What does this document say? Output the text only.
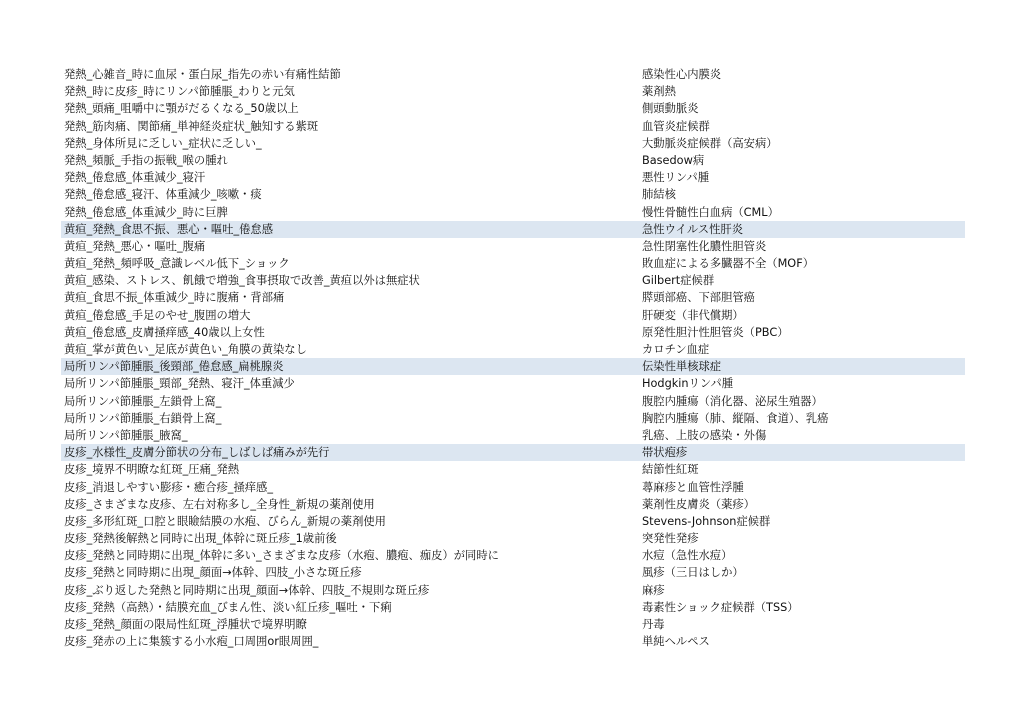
発熱_心雑音_時に血尿・蛋白尿_指先の赤い有痛性結節	感染性心内膜炎
発熱_時に皮疹_時にリンパ節腫脹_わりと元気	薬剤熱
発熱_頭痛_咀嚼中に顎がだるくなる_50歳以上	側頭動脈炎
発熱_筋肉痛、関節痛_単神経炎症状_触知する紫斑	血管炎症候群
発熱_身体所見に乏しい_症状に乏しい_	大動脈炎症候群（高安病）
発熱_頻脈_手指の振戦_喉の腫れ	Basedow病
発熱_倦怠感_体重減少_寝汗	悪性リンパ腫
発熱_倦怠感_寝汗、体重減少_咳嗽・痰	肺結核
発熱_倦怠感_体重減少_時に巨脾	慢性骨髄性白血病（CML）
黄疸_発熱_食思不振、悪心・嘔吐_倦怠感	急性ウイルス性肝炎
黄疸_発熱_悪心・嘔吐_腹痛	急性閉塞性化膿性胆管炎
黄疸_発熱_頻呼吸_意識レベル低下_ショック	敗血症による多臓器不全（MOF）
黄疸_感染、ストレス、飢餓で増強_食事摂取で改善_黄疸以外は無症状	Gilbert症候群
黄疸_食思不振_体重減少_時に腹痛・背部痛	膵頭部癌、下部胆管癌
黄疸_倦怠感_手足のやせ_腹囲の増大	肝硬変（非代償期）
黄疸_倦怠感_皮膚掻痒感_40歳以上女性	原発性胆汁性胆管炎（PBC）
黄疸_掌が黄色い_足底が黄色い_角膜の黄染なし	カロチン血症
局所リンパ節腫脹_後頸部_倦怠感_扁桃腺炎	伝染性単核球症
局所リンパ節腫脹_頸部_発熱、寝汗_体重減少	Hodgkinリンパ腫
局所リンパ節腫脹_左鎖骨上窩_	腹腔内腫瘍（消化器、泌尿生殖器）
局所リンパ節腫脹_右鎖骨上窩_	胸腔内腫瘍（肺、縦隔、食道）、乳癌
局所リンパ節腫脹_腋窩_	乳癌、上肢の感染・外傷
皮疹_水様性_皮膚分節状の分布_しばしば痛みが先行	帯状疱疹
皮疹_境界不明瞭な紅斑_圧痛_発熱	結節性紅斑
皮疹_消退しやすい膨疹・癒合疹_掻痒感_	蕁麻疹と血管性浮腫
皮疹_さまざまな皮疹、左右対称多し_全身性_新規の薬剤使用	薬剤性皮膚炎（薬疹）
皮疹_多形紅斑_口腔と眼瞼結膜の水疱、びらん_新規の薬剤使用	Stevens-Johnson症候群
皮疹_発熱後解熱と同時に出現_体幹に斑丘疹_1歳前後	突発性発疹
皮疹_発熱と同時期に出現_体幹に多い_さまざまな皮疹（水疱、膿疱、痂皮）が同時に	水痘（急性水痘）
皮疹_発熱と同時期に出現_顔面→体幹、四肢_小さな斑丘疹	風疹（三日はしか）
皮疹_ぶり返した発熱と同時期に出現_顔面→体幹、四肢_不規則な斑丘疹	麻疹
皮疹_発熱（高熱）・結膜充血_びまん性、淡い紅丘疹_嘔吐・下痢	毒素性ショック症候群（TSS）
皮疹_発熱_顔面の限局性紅斑_浮腫状で境界明瞭	丹毒
皮疹_発赤の上に集簇する小水疱_口周囲or眼周囲_	単純ヘルペス
